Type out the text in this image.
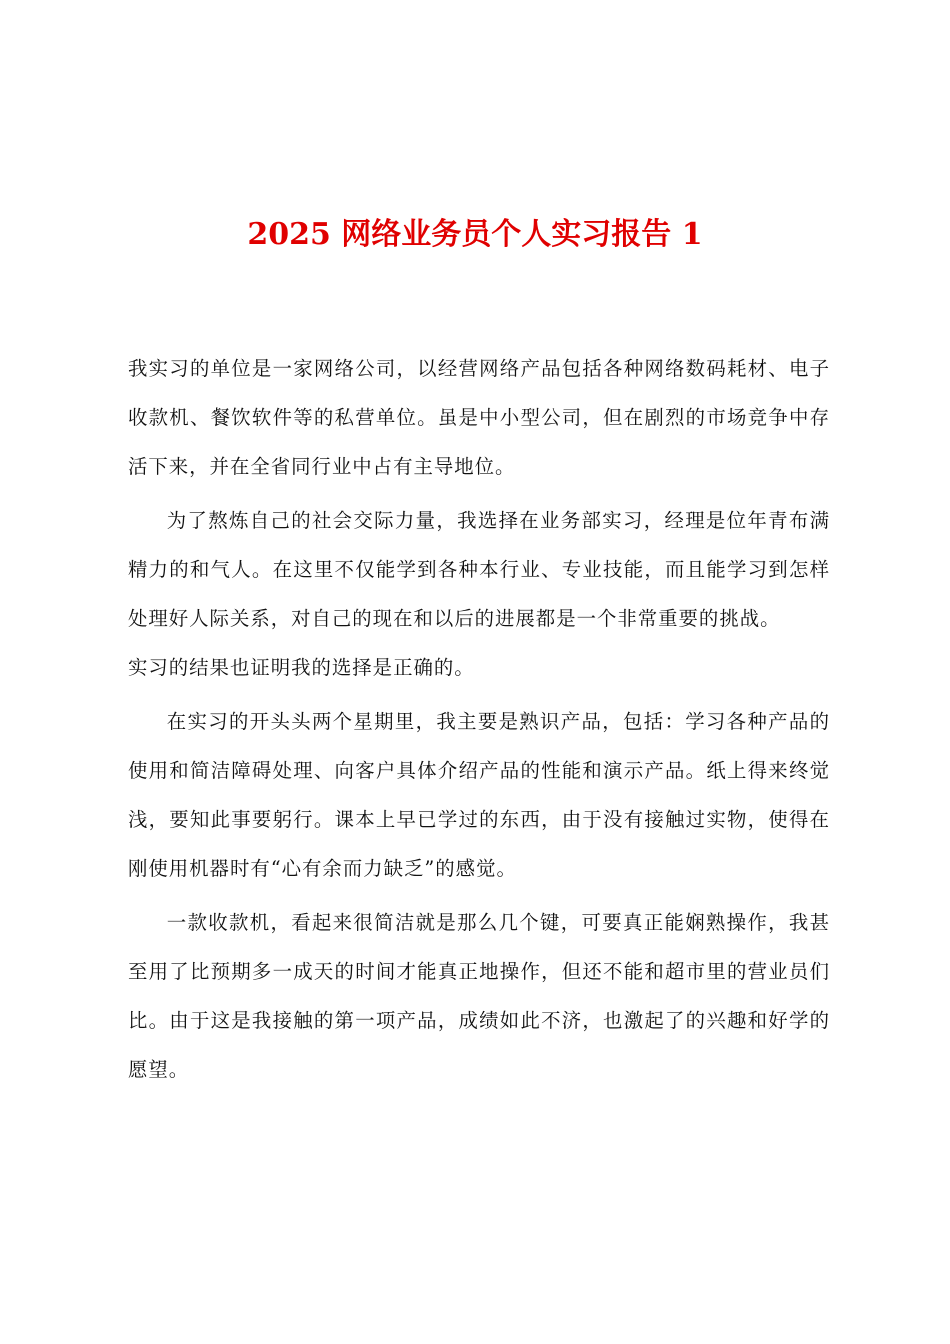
2025 网络业务员个人实习报告 1

我实习的单位是一家网络公司，以经营网络产品包括各种网络数码耗材、电子收款机、餐饮软件等的私营单位。虽是中小型公司，但在剧烈的市场竞争中存活下来，并在全省同行业中占有主导地位。

为了熬炼自己的社会交际力量，我选择在业务部实习，经理是位年青布满精力的和气人。在这里不仅能学到各种本行业、专业技能，而且能学习到怎样处理好人际关系，对自己的现在和以后的进展都是一个非常重要的挑战。

实习的结果也证明我的选择是正确的。

在实习的开头头两个星期里，我主要是熟识产品，包括：学习各种产品的使用和简洁障碍处理、向客户具体介绍产品的性能和演示产品。纸上得来终觉浅，要知此事要躬行。课本上早已学过的东西，由于没有接触过实物，使得在刚使用机器时有“心有余而力缺乏”的感觉。

一款收款机，看起来很简洁就是那么几个键，可要真正能娴熟操作，我甚至用了比预期多一成天的时间才能真正地操作，但还不能和超市里的营业员们比。由于这是我接触的第一项产品，成绩如此不济，也激起了的兴趣和好学的愿望。
